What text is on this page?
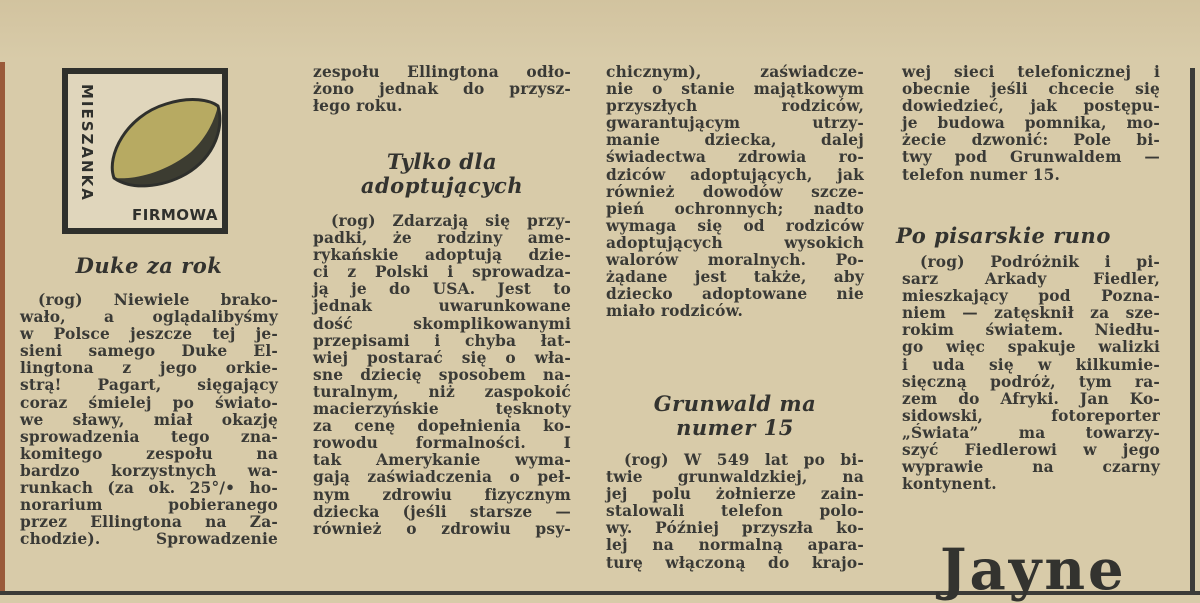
MIESZANKA
FIRMOWA
Duke za rok
Tylko dla
adoptujących
Grunwald ma
numer 15
Po pisarskie runo
(rog) Niewiele brako-
wało, a oglądalibyśmy
w Polsce jeszcze tej je-
sieni samego Duke El-
lingtona z jego orkie-
strą! Pagart, sięgający
coraz śmielej po świato-
we sławy, miał okazję
sprowadzenia tego zna-
komitego zespołu na
bardzo korzystnych wa-
runkach (za ok. 25°/• ho-
norarium pobieranego
przez Ellingtona na Za-
chodzie). Sprowadzenie
zespołu Ellingtona odło-
żono jednak do przysz-
łego roku.
(rog) Zdarzają się przy-
padki, że rodziny ame-
rykańskie adoptują dzie-
ci z Polski i sprowadza-
ją je do USA. Jest to
jednak uwarunkowane
dość skomplikowanymi
przepisami i chyba łat-
wiej postarać się o wła-
sne dziecię sposobem na-
turalnym, niż zaspokoić
macierzyńskie tęsknoty
za cenę dopełnienia ko-
rowodu formalności. I
tak Amerykanie wyma-
gają zaświadczenia o peł-
nym zdrowiu fizycznym
dziecka (jeśli starsze —
również o zdrowiu psy-
chicznym), zaświadcze-
nie o stanie majątkowym
przyszłych rodziców,
gwarantującym utrzy-
manie dziecka, dalej
świadectwa zdrowia ro-
dziców adoptujących, jak
również dowodów szcze-
pień ochronnych; nadto
wymaga się od rodziców
adoptujących wysokich
walorów moralnych. Po-
żądane jest także, aby
dziecko adoptowane nie
miało rodziców.
(rog) W 549 lat po bi-
twie grunwaldzkiej, na
jej polu żołnierze zain-
stalowali telefon polo-
wy. Później przyszła ko-
lej na normalną apara-
turę włączoną do krajo-
wej sieci telefonicznej i
obecnie jeśli chcecie się
dowiedzieć, jak postępu-
je budowa pomnika, mo-
żecie dzwonić: Pole bi-
twy pod Grunwaldem —
telefon numer 15.
(rog) Podróżnik i pi-
sarz Arkady Fiedler,
mieszkający pod Pozna-
niem — zatęsknił za sze-
rokim światem. Niedłu-
go więc spakuje walizki
i uda się w kilkumie-
sięczną podróż, tym ra-
zem do Afryki. Jan Ko-
sidowski, fotoreporter
„Świata” ma towarzy-
szyć Fiedlerowi w jego
wyprawie na czarny
kontynent.
Jayne
